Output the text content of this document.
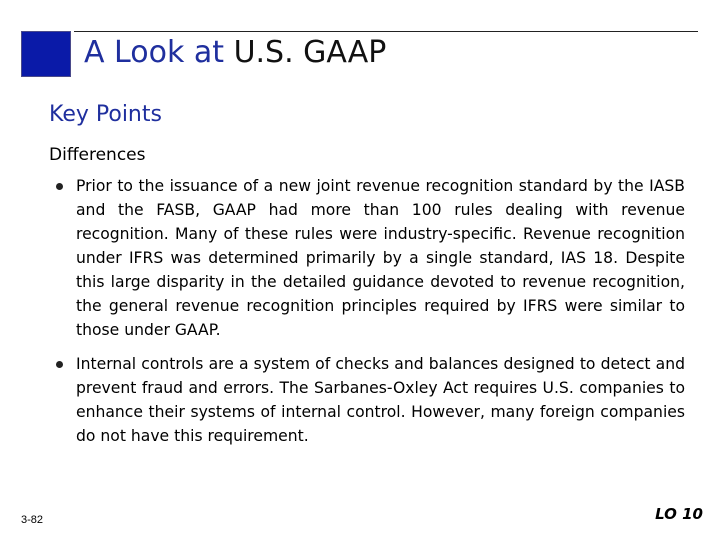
A Look at U.S. GAAP
Key Points
Differences
Prior to the issuance of a new joint revenue recognition standard by the IASB and the FASB, GAAP had more than 100 rules dealing with revenue recognition. Many of these rules were industry-specific. Revenue recognition under IFRS was determined primarily by a single standard, IAS 18. Despite this large disparity in the detailed guidance devoted to revenue recognition, the general revenue recognition principles required by IFRS were similar to those under GAAP.
Internal controls are a system of checks and balances designed to detect and prevent fraud and errors. The Sarbanes-Oxley Act requires U.S. companies to enhance their systems of internal control. However, many foreign companies do not have this requirement.
3-82	LO 10
